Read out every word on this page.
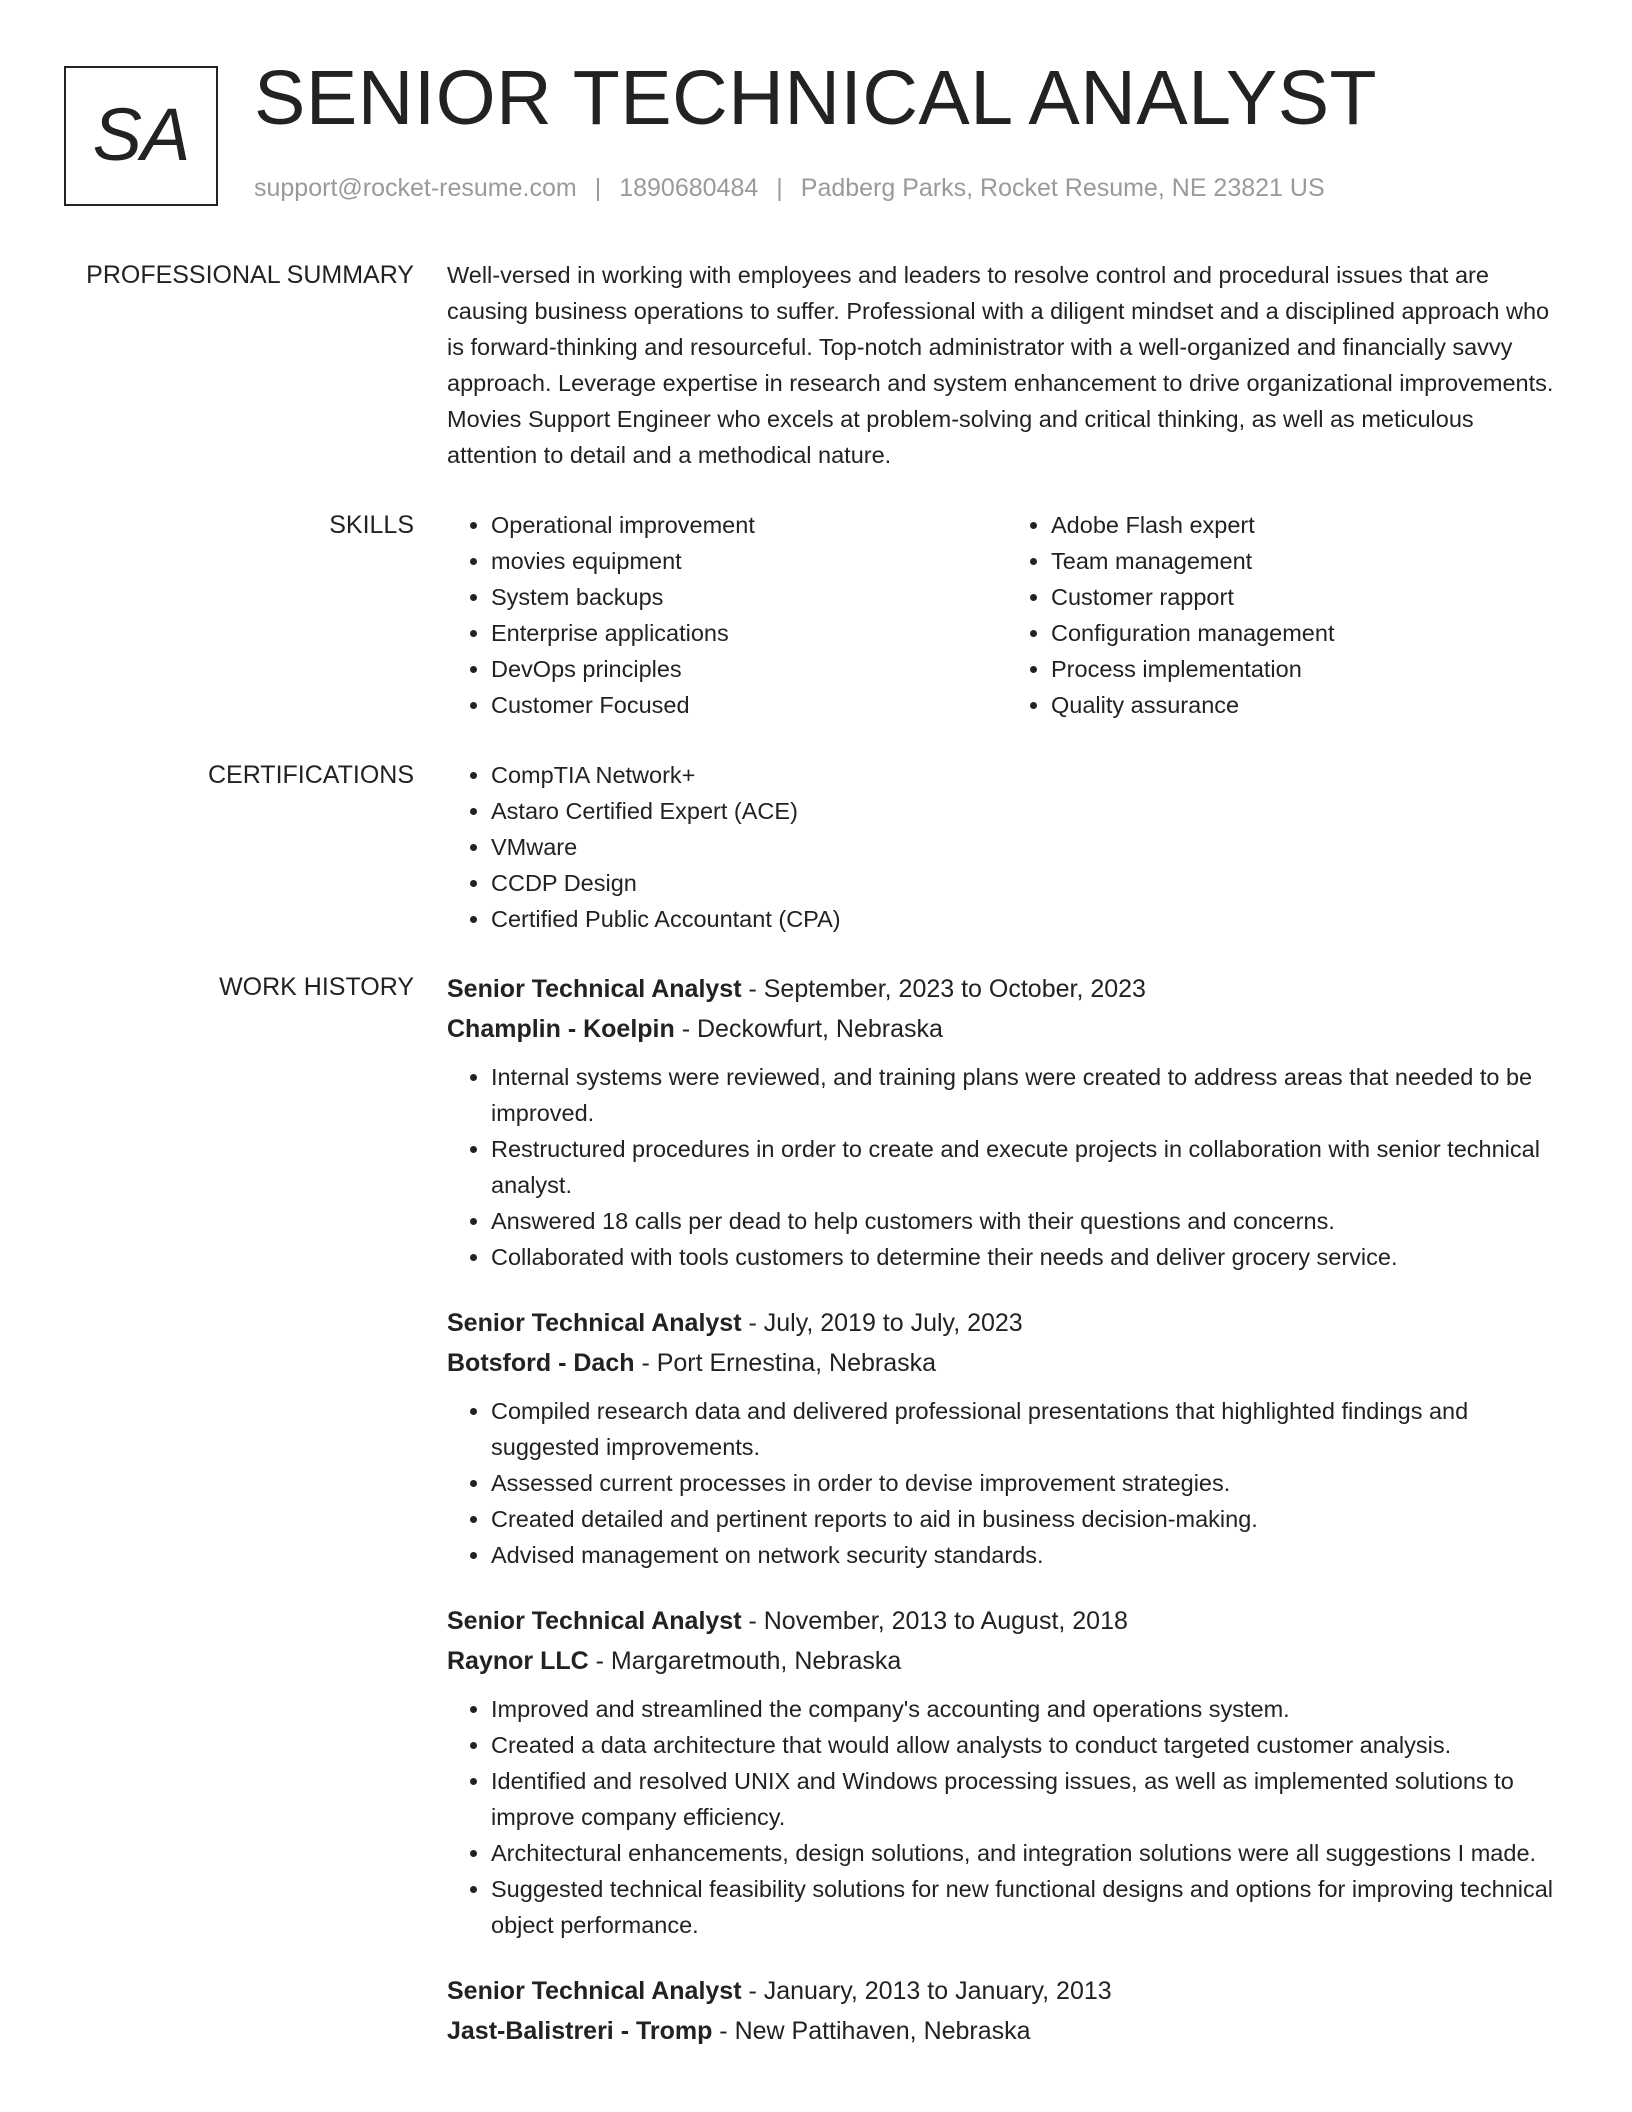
SA SENIOR TECHNICAL ANALYST
support@rocket-resume.com | 1890680484 | Padberg Parks, Rocket Resume, NE 23821 US
PROFESSIONAL SUMMARY Well-versed in working with employees and leaders to resolve control and procedural issues that are causing business operations to suffer. Professional with a diligent mindset and a disciplined approach who is forward-thinking and resourceful. Top-notch administrator with a well-organized and financially savvy approach. Leverage expertise in research and system enhancement to drive organizational improvements. Movies Support Engineer who excels at problem-solving and critical thinking, as well as meticulous attention to detail and a methodical nature.

SKILLS	• Operational improvement
• movies equipment
• System backups
• Enterprise applications
• DevOps principles
• Customer Focused
• Adobe Flash expert
• Team management
• Customer rapport
• Configuration management
• Process implementation
• Quality assurance
CERTIFICATIONS	• CompTIA Network+
• Astaro Certified Expert (ACE)
• VMware
• CCDP Design
• Certified Public Accountant (CPA)
WORK HISTORY Senior Technical Analyst - September, 2023 to October, 2023
Champlin - Koelpin - Deckowfurt, Nebraska
• Internal systems were reviewed, and training plans were created to address areas that needed to be improved.
• Restructured procedures in order to create and execute projects in collaboration with senior technical analyst.
• Answered 18 calls per dead to help customers with their questions and concerns.
• Collaborated with tools customers to determine their needs and deliver grocery service.
Senior Technical Analyst - July, 2019 to July, 2023
Botsford - Dach - Port Ernestina, Nebraska
• Compiled research data and delivered professional presentations that highlighted findings and suggested improvements.
• Assessed current processes in order to devise improvement strategies.
• Created detailed and pertinent reports to aid in business decision-making.
• Advised management on network security standards.
Senior Technical Analyst - November, 2013 to August, 2018
Raynor LLC - Margaretmouth, Nebraska
• Improved and streamlined the company's accounting and operations system.
• Created a data architecture that would allow analysts to conduct targeted customer analysis.
• Identified and resolved UNIX and Windows processing issues, as well as implemented solutions to improve company efficiency.
• Architectural enhancements, design solutions, and integration solutions were all suggestions I made.
• Suggested technical feasibility solutions for new functional designs and options for improving technical object performance.
Senior Technical Analyst - January, 2013 to January, 2013
Jast-Balistreri - Tromp - New Pattihaven, Nebraska
